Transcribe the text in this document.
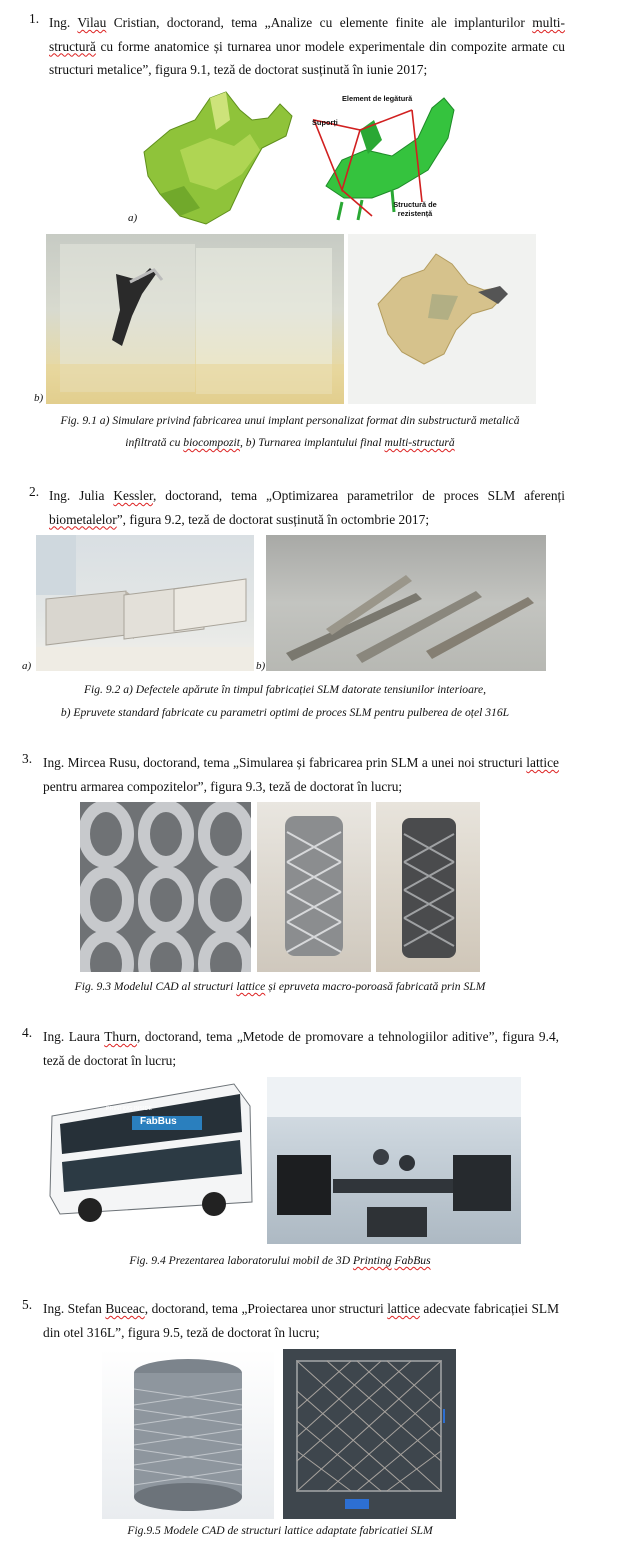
1. Ing. Vilau Cristian, doctorand, tema „Analize cu elemente finite ale implanturilor multi-structură cu forme anatomice și turnarea unor modele experimentale din compozite armate cu structuri metalice”, figura 9.1, teză de doctorat susținută în iunie 2017;
a)
Element de legătură
Suporți
Structură de rezistență
b)
Fig. 9.1 a) Simulare privind fabricarea unui implant personalizat format din substructură metalică
infiltrată cu biocompozit, b) Turnarea implantului final multi-structură
2. Ing. Julia Kessler, doctorand, tema „Optimizarea parametrilor de proces SLM aferenți biometalelor”, figura 9.2, teză de doctorat susținută în octombrie 2017;
a)	b)
Fig. 9.2 a) Defectele apărute în timpul fabricației SLM datorate tensiunilor interioare,
b) Epruvete standard fabricate cu parametri optimi de proces SLM pentru pulberea de oțel 316L
3. Ing. Mircea Rusu, doctorand, tema „Simularea și fabricarea prin SLM a unei noi structuri lattice pentru armarea compozitelor”, figura 9.3, teză de doctorat în lucru;
Fig. 9.3 Modelul CAD al structuri lattice și epruveta macro-poroasă fabricată prin SLM
4. Ing. Laura Thurn, doctorand, tema „Metode de promovare a tehnologiilor aditive”, figura 9.4, teză de doctorat în lucru;
FabBus
PRINTING INSIDE
Fig. 9.4 Prezentarea laboratorului mobil de 3D Printing FabBus
5. Ing. Stefan Buceac, doctorand, tema „Proiectarea unor structuri lattice adecvate fabricației SLM din otel 316L”, figura 9.5, teză de doctorat în lucru;
Fig.9.5 Modele CAD de structuri lattice adaptate fabricatiei SLM
